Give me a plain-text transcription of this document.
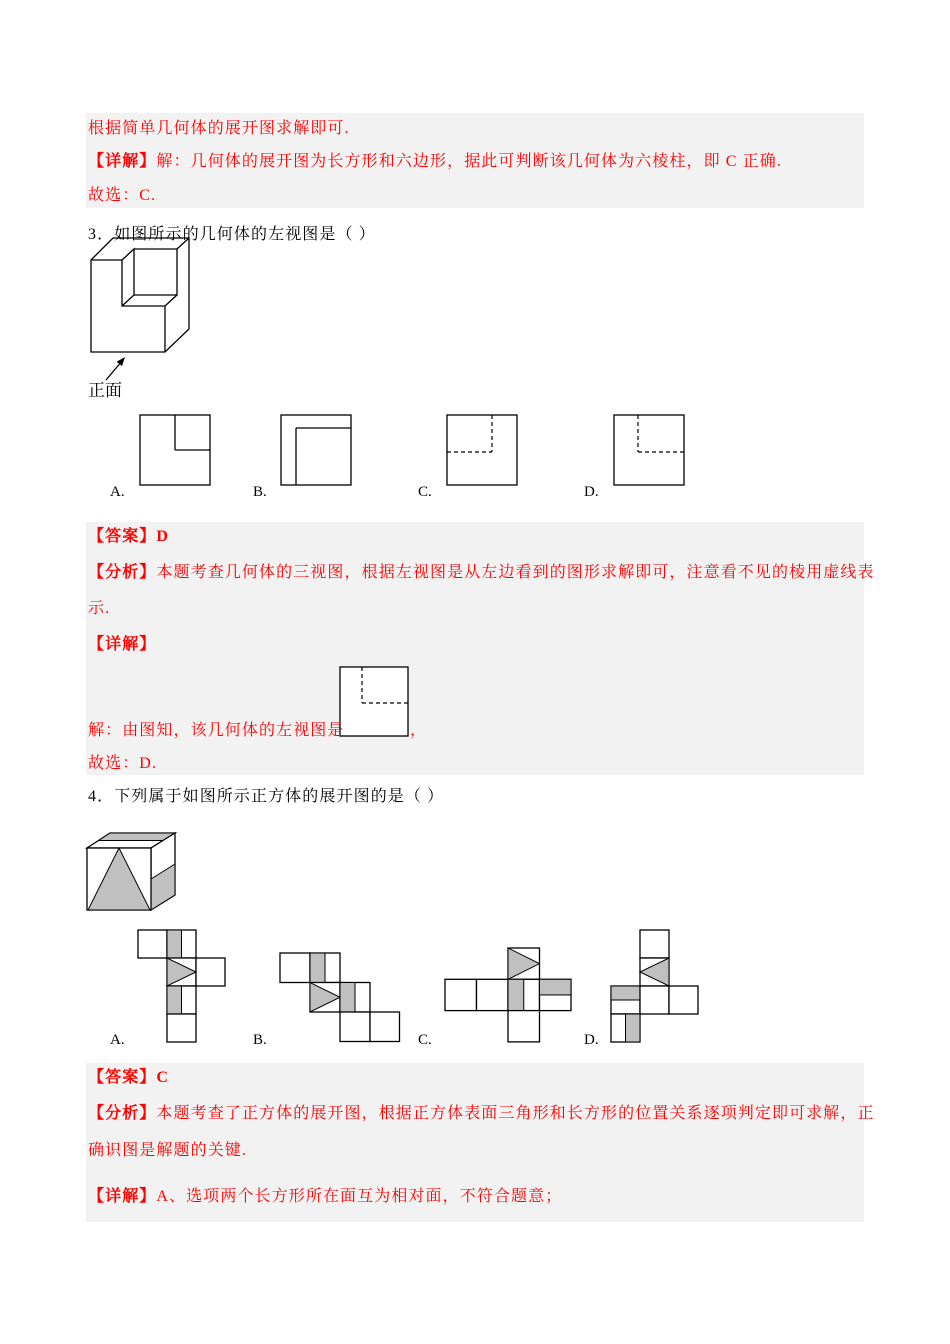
根据简单几何体的展开图求解即可.
【详解】解：几何体的展开图为长方形和六边形，据此可判断该几何体为六棱柱，即 C 正确.
故选：C.
3．如图所示的几何体的左视图是（ ）
正面
A.	B.	C.	D.
【答案】D
【分析】本题考查几何体的三视图，根据左视图是从左边看到的图形求解即可，注意看不见的棱用虚线表
示.
【详解】
解：由图知，该几何体的左视图是	，
故选：D.
4．下列属于如图所示正方体的展开图的是（ ）
A.	B.	C.	D.
【答案】C
【分析】本题考查了正方体的展开图，根据正方体表面三角形和长方形的位置关系逐项判定即可求解，正
确识图是解题的关键.
【详解】A、选项两个长方形所在面互为相对面，不符合题意；
